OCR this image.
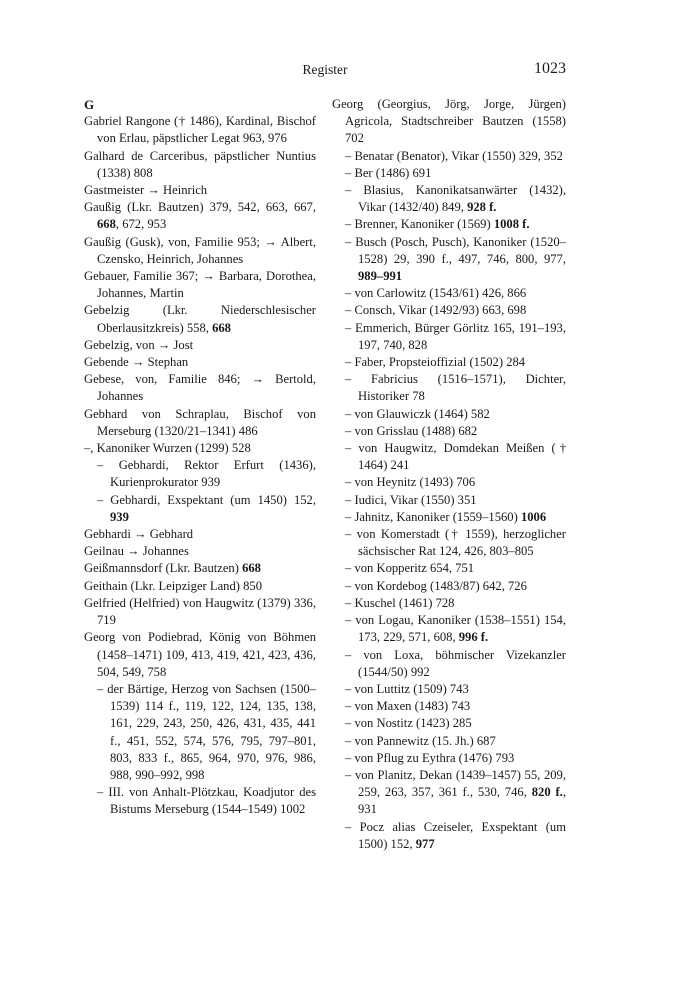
Register	1023
G
Gabriel Rangone († 1486), Kardinal, Bischof von Erlau, päpstlicher Legat 963, 976
Galhard de Carceribus, päpstlicher Nuntius (1338) 808
Gastmeister → Heinrich
Gaußig (Lkr. Bautzen) 379, 542, 663, 667, 668, 672, 953
Gaußig (Gusk), von, Familie 953; → Albert, Czensko, Heinrich, Johannes
Gebauer, Familie 367; → Barbara, Dorothea, Johannes, Martin
Gebelzig (Lkr. Niederschlesischer Oberlausitzkreis) 558, 668
Gebelzig, von → Jost
Gebende → Stephan
Gebese, von, Familie 846; → Bertold, Johannes
Gebhard von Schraplau, Bischof von Merseburg (1320/21–1341) 486
–, Kanoniker Wurzen (1299) 528
– Gebhardi, Rektor Erfurt (1436), Kurienprokurator 939
– Gebhardi, Exspektant (um 1450) 152, 939
Gebhardi → Gebhard
Geilnau → Johannes
Geißmannsdorf (Lkr. Bautzen) 668
Geithain (Lkr. Leipziger Land) 850
Gelfried (Helfried) von Haugwitz (1379) 336, 719
Georg von Podiebrad, König von Böhmen (1458–1471) 109, 413, 419, 421, 423, 436, 504, 549, 758
– der Bärtige, Herzog von Sachsen (1500–1539) 114 f., 119, 122, 124, 135, 138, 161, 229, 243, 250, 426, 431, 435, 441 f., 451, 552, 574, 576, 795, 797–801, 803, 833 f., 865, 964, 970, 976, 986, 988, 990–992, 998
– III. von Anhalt-Plötzkau, Koadjutor des Bistums Merseburg (1544–1549) 1002
Georg (Georgius, Jörg, Jorge, Jürgen) Agricola, Stadtschreiber Bautzen (1558) 702
– Benatar (Benator), Vikar (1550) 329, 352
– Ber (1486) 691
– Blasius, Kanonikatsanwärter (1432), Vikar (1432/40) 849, 928 f.
– Brenner, Kanoniker (1569) 1008 f.
– Busch (Posch, Pusch), Kanoniker (1520–1528) 29, 390 f., 497, 746, 800, 977, 989–991
– von Carlowitz (1543/61) 426, 866
– Consch, Vikar (1492/93) 663, 698
– Emmerich, Bürger Görlitz 165, 191–193, 197, 740, 828
– Faber, Propsteioffizial (1502) 284
– Fabricius (1516–1571), Dichter, Historiker 78
– von Glauwiczk (1464) 582
– von Grisslau (1488) 682
– von Haugwitz, Domdekan Meißen († 1464) 241
– von Heynitz (1493) 706
– Iudici, Vikar (1550) 351
– Jahnitz, Kanoniker (1559–1560) 1006
– von Komerstadt († 1559), herzoglicher sächsischer Rat 124, 426, 803–805
– von Kopperitz 654, 751
– von Kordebog (1483/87) 642, 726
– Kuschel (1461) 728
– von Logau, Kanoniker (1538–1551) 154, 173, 229, 571, 608, 996 f.
– von Loxa, böhmischer Vizekanzler (1544/50) 992
– von Luttitz (1509) 743
– von Maxen (1483) 743
– von Nostitz (1423) 285
– von Pannewitz (15. Jh.) 687
– von Pflug zu Eythra (1476) 793
– von Planitz, Dekan (1439–1457) 55, 209, 259, 263, 357, 361 f., 530, 746, 820 f., 931
– Pocz alias Czeiseler, Exspektant (um 1500) 152, 977
